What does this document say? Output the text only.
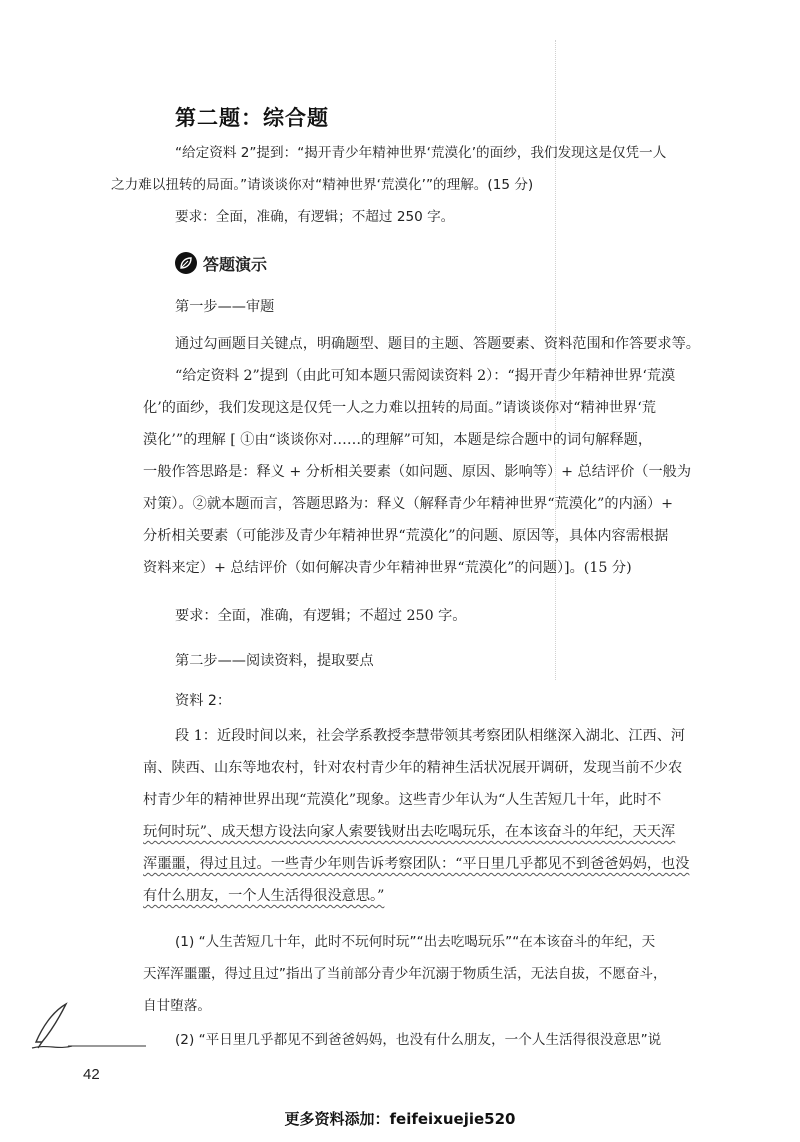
第二题：综合题
“给定资料 2”提到：“揭开青少年精神世界‘荒漠化’的面纱，我们发现这是仅凭一人
之力难以扭转的局面。”请谈谈你对“精神世界‘荒漠化’”的理解。(15 分)
要求：全面，准确，有逻辑；不超过 250 字。
答题演示
第一步——审题
通过勾画题目关键点，明确题型、题目的主题、答题要素、资料范围和作答要求等。
“给定资料 2”提到（由此可知本题只需阅读资料 2）：“揭开青少年精神世界‘荒漠
化’的面纱，我们发现这是仅凭一人之力难以扭转的局面。”请谈谈你对“精神世界‘荒
漠化’”的理解 [ ①由“谈谈你对……的理解”可知，本题是综合题中的词句解释题，
一般作答思路是：释义 + 分析相关要素（如问题、原因、影响等）+ 总结评价（一般为
对策）。②就本题而言，答题思路为：释义（解释青少年精神世界“荒漠化”的内涵）+
分析相关要素（可能涉及青少年精神世界“荒漠化”的问题、原因等，具体内容需根据
资料来定）+ 总结评价（如何解决青少年精神世界“荒漠化”的问题）]。(15 分)
要求：全面，准确，有逻辑；不超过 250 字。
第二步——阅读资料，提取要点
资料 2：
段 1：近段时间以来，社会学系教授李慧带领其考察团队相继深入湖北、江西、河
南、陕西、山东等地农村，针对农村青少年的精神生活状况展开调研，发现当前不少农
村青少年的精神世界出现“荒漠化”现象。这些青少年认为“人生苦短几十年，此时不
玩何时玩”、成天想方设法向家人索要钱财出去吃喝玩乐，在本该奋斗的年纪，天天浑
浑噩噩，得过且过。一些青少年则告诉考察团队：“平日里几乎都见不到爸爸妈妈，也没
有什么朋友，一个人生活得很没意思。”
(1) “人生苦短几十年，此时不玩何时玩”“出去吃喝玩乐”“在本该奋斗的年纪，天
天浑浑噩噩，得过且过”指出了当前部分青少年沉溺于物质生活，无法自拔，不愿奋斗，
自甘堕落。
(2) “平日里几乎都见不到爸爸妈妈，也没有什么朋友，一个人生活得很没意思”说
42
更多资料添加：feifeixuejie520
